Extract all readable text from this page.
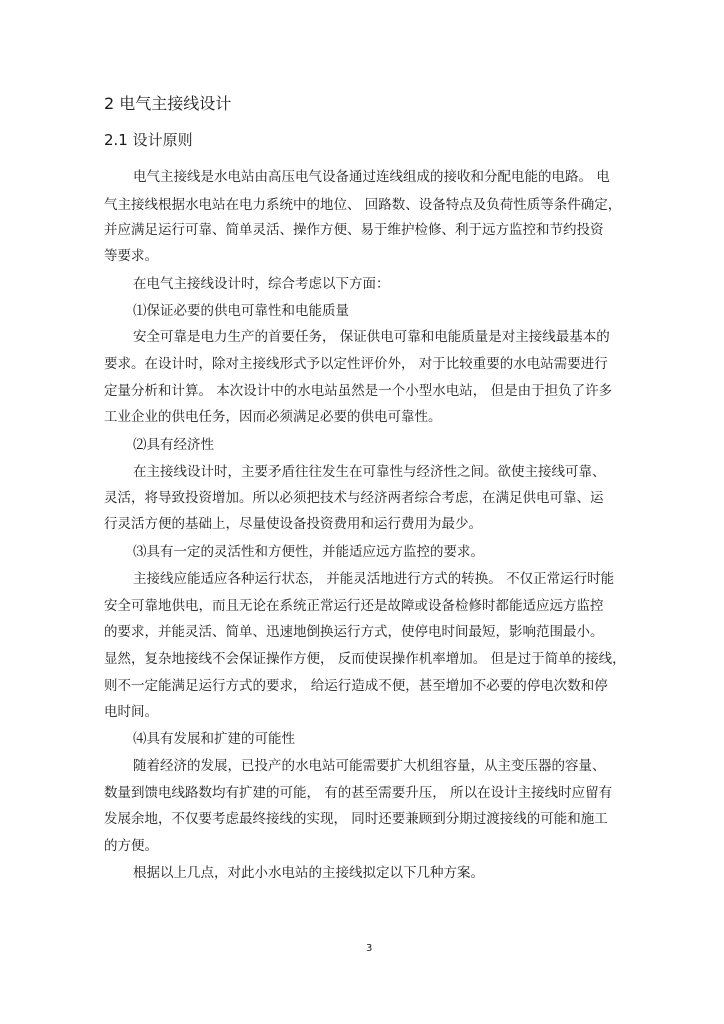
2 电气主接线设计
2.1 设计原则
电气主接线是水电站由高压电气设备通过连线组成的接收和分配电能的电路。 电
气主接线根据水电站在电力系统中的地位、 回路数、设备特点及负荷性质等条件确定，
并应满足运行可靠、简单灵活、操作方便、易于维护检修、利于远方监控和节约投资
等要求。
在电气主接线设计时，综合考虑以下方面：
⑴保证必要的供电可靠性和电能质量
安全可靠是电力生产的首要任务， 保证供电可靠和电能质量是对主接线最基本的
要求。在设计时，除对主接线形式予以定性评价外， 对于比较重要的水电站需要进行
定量分析和计算。 本次设计中的水电站虽然是一个小型水电站， 但是由于担负了许多
工业企业的供电任务，因而必须满足必要的供电可靠性。
⑵具有经济性
在主接线设计时，主要矛盾往往发生在可靠性与经济性之间。欲使主接线可靠、
灵活，将导致投资增加。所以必须把技术与经济两者综合考虑，在满足供电可靠、运
行灵活方便的基础上，尽量使设备投资费用和运行费用为最少。
⑶具有一定的灵活性和方便性，并能适应远方监控的要求。
主接线应能适应各种运行状态， 并能灵活地进行方式的转换。 不仅正常运行时能
安全可靠地供电，而且无论在系统正常运行还是故障或设备检修时都能适应远方监控
的要求，并能灵活、简单、迅速地倒换运行方式，使停电时间最短，影响范围最小。
显然，复杂地接线不会保证操作方便， 反而使误操作机率增加。 但是过于简单的接线，
则不一定能满足运行方式的要求， 给运行造成不便，甚至增加不必要的停电次数和停
电时间。
⑷具有发展和扩建的可能性
随着经济的发展，已投产的水电站可能需要扩大机组容量，从主变压器的容量、
数量到馈电线路数均有扩建的可能， 有的甚至需要升压， 所以在设计主接线时应留有
发展余地，不仅要考虑最终接线的实现， 同时还要兼顾到分期过渡接线的可能和施工
的方便。
根据以上几点，对此小水电站的主接线拟定以下几种方案。
3
